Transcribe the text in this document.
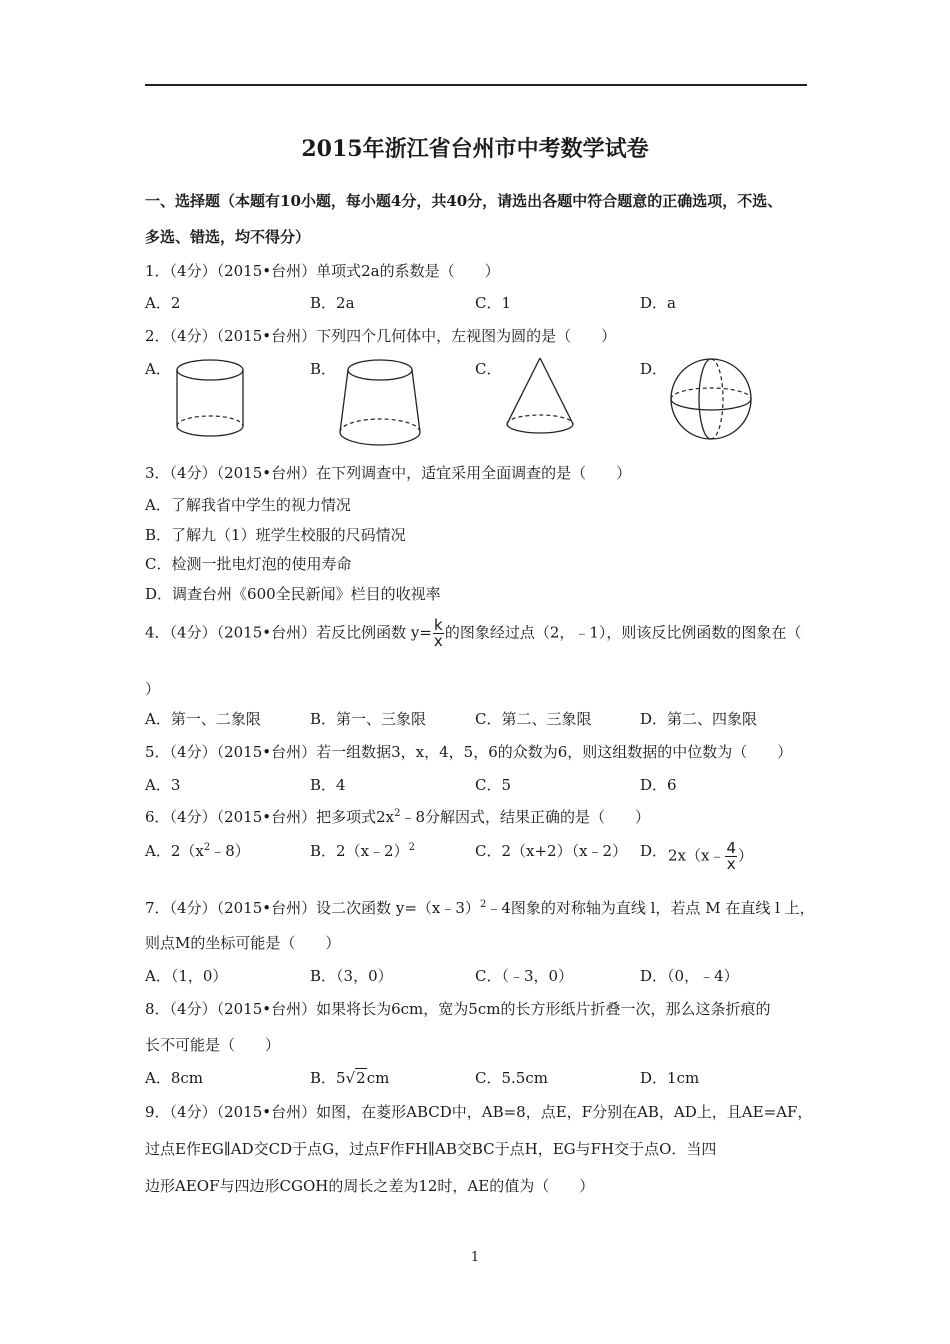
2015年浙江省台州市中考数学试卷
一、选择题（本题有10小题，每小题4分，共40分，请选出各题中符合题意的正确选项，不选、
多选、错选，均不得分）
1．（4分）（2015•台州）单项式2a的系数是（　　）
A．2	B．2a	C．1	D．a
2．（4分）（2015•台州）下列四个几何体中，左视图为圆的是（　　）
A．	B．	C．	D．
3．（4分）（2015•台州）在下列调查中，适宜采用全面调查的是（　　）
A．了解我省中学生的视力情况
B．了解九（1）班学生校服的尺码情况
C．检测一批电灯泡的使用寿命
D．调查台州《600全民新闻》栏目的收视率
4．（4分）（2015•台州）若反比例函数 $y= \frac{k}{x}$ 的图象经过点（2，﹣1），则该反比例函数的图象在（
）
A．第一、二象限	B．第一、三象限	C．第二、三象限	D．第二、四象限
5．（4分）（2015•台州）若一组数据3，x，4，5，6的众数为6，则这组数据的中位数为（　　）
A．3	B．4	C．5	D．6
6．（4分）（2015•台州）把多项式$2x^2﹣8$分解因式，结果正确的是（　　）
A．$2(x^2﹣8)$	B．2（x﹣2）$^2$	C．2（x+2）（x﹣2） D． 2x（x﹣ $\frac{4}{x}$ ）
7．（4分）（2015•台州）设二次函数 y=（x﹣3）$^2$﹣4图象的对称轴为直线 l，若点 M 在直线 l 上，
则点M的坐标可能是（　　）
A．（1，0）	B．（3，0）	C．（﹣3，0）	D．（0，﹣4）
8．（4分）（2015•台州）如果将长为6cm，宽为5cm的长方形纸片折叠一次，那么这条折痕的
长不可能是（　　）
A．8cm	B．5√2cm	C．5.5cm	D．1cm
9．（4分）（2015•台州）如图，在菱形ABCD中，AB=8，点E，F分别在AB，AD上，且AE=AF，
过点E作EG∥AD交CD于点G，过点F作FH∥AB交BC于点H，EG与FH交于点O．当四
边形AEOF与四边形CGOH的周长之差为12时，AE的值为（　　）
1
